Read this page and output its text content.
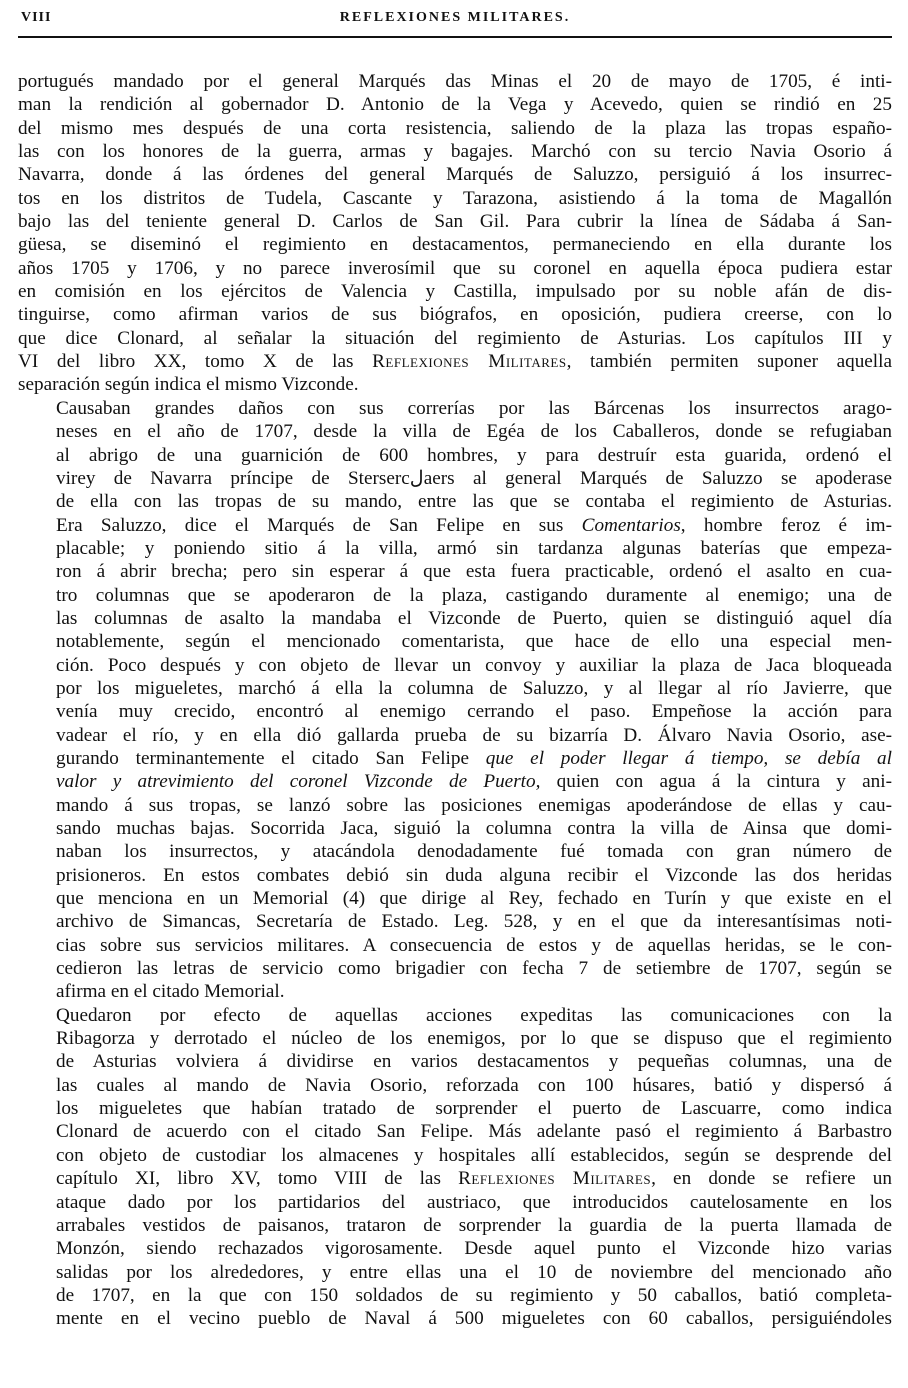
VIII	REFLEXIONES MILITARES.

portugués mandado por el general Marqués das Minas el 20 de mayo de 1705, é inti-
man la rendición al gobernador D. Antonio de la Vega y Acevedo, quien se rindió en 25
del mismo mes después de una corta resistencia, saliendo de la plaza las tropas españo-
las con los honores de la guerra, armas y bagajes. Marchó con su tercio Navia Osorio á
Navarra, donde á las órdenes del general Marqués de Saluzzo, persiguió á los insurrec-
tos en los distritos de Tudela, Cascante y Tarazona, asistiendo á la toma de Magallón
bajo las del teniente general D. Carlos de San Gil. Para cubrir la línea de Sádaba á San-
güesa, se diseminó el regimiento en destacamentos, permaneciendo en ella durante los
años 1705 y 1706, y no parece inverosímil que su coronel en aquella época pudiera estar
en comisión en los ejércitos de Valencia y Castilla, impulsado por su noble afán de dis-
tinguirse, como afirman varios de sus biógrafos, en oposición, pudiera creerse, con lo
que dice Clonard, al señalar la situación del regimiento de Asturias. Los capítulos III y
VI del libro XX, tomo X de las Reflexiones Militares, también permiten suponer aquella
separación según indica el mismo Vizconde.

Causaban grandes daños con sus correrías por las Bárcenas los insurrectos arago-
neses en el año de 1707, desde la villa de Egéa de los Caballeros, donde se refugiaban
al abrigo de una guarnición de 600 hombres, y para destruír esta guarida, ordenó el
virey de Navarra príncipe de Stersercلaers al general Marqués de Saluzzo se apoderase
de ella con las tropas de su mando, entre las que se contaba el regimiento de Asturias.
Era Saluzzo, dice el Marqués de San Felipe en sus Comentarios, hombre feroz é im-
placable; y poniendo sitio á la villa, armó sin tardanza algunas baterías que empeza-
ron á abrir brecha; pero sin esperar á que esta fuera practicable, ordenó el asalto en cua-
tro columnas que se apoderaron de la plaza, castigando duramente al enemigo; una de
las columnas de asalto la mandaba el Vizconde de Puerto, quien se distinguió aquel día
notablemente, según el mencionado comentarista, que hace de ello una especial men-
ción. Poco después y con objeto de llevar un convoy y auxiliar la plaza de Jaca bloqueada
por los migueletes, marchó á ella la columna de Saluzzo, y al llegar al río Javierre, que
venía muy crecido, encontró al enemigo cerrando el paso. Empeñose la acción para
vadear el río, y en ella dió gallarda prueba de su bizarría D. Álvaro Navia Osorio, ase-
gurando terminantemente el citado San Felipe que el poder llegar á tiempo, se debía al
valor y atrevimiento del coronel Vizconde de Puerto, quien con agua á la cintura y ani-
mando á sus tropas, se lanzó sobre las posiciones enemigas apoderándose de ellas y cau-
sando muchas bajas. Socorrida Jaca, siguió la columna contra la villa de Ainsa que domi-
naban los insurrectos, y atacándola denodadamente fué tomada con gran número de
prisioneros. En estos combates debió sin duda alguna recibir el Vizconde las dos heridas
que menciona en un Memorial (4) que dirige al Rey, fechado en Turín y que existe en el
archivo de Simancas, Secretaría de Estado. Leg. 528, y en el que da interesantísimas noti-
cias sobre sus servicios militares. A consecuencia de estos y de aquellas heridas, se le con-
cedieron las letras de servicio como brigadier con fecha 7 de setiembre de 1707, según se
afirma en el citado Memorial.

Quedaron por efecto de aquellas acciones expeditas las comunicaciones con la
Ribagorza y derrotado el núcleo de los enemigos, por lo que se dispuso que el regimiento
de Asturias volviera á dividirse en varios destacamentos y pequeñas columnas, una de
las cuales al mando de Navia Osorio, reforzada con 100 húsares, batió y dispersó á
los migueletes que habían tratado de sorprender el puerto de Lascuarre, como indica
Clonard de acuerdo con el citado San Felipe. Más adelante pasó el regimiento á Barbastro
con objeto de custodiar los almacenes y hospitales allí establecidos, según se desprende del
capítulo XI, libro XV, tomo VIII de las Reflexiones Militares, en donde se refiere un
ataque dado por los partidarios del austriaco, que introducidos cautelosamente en los
arrabales vestidos de paisanos, trataron de sorprender la guardia de la puerta llamada de
Monzón, siendo rechazados vigorosamente. Desde aquel punto el Vizconde hizo varias
salidas por los alrededores, y entre ellas una el 10 de noviembre del mencionado año
de 1707, en la que con 150 soldados de su regimiento y 50 caballos, batió completa-
mente en el vecino pueblo de Naval á 500 migueletes con 60 caballos, persiguiéndoles
